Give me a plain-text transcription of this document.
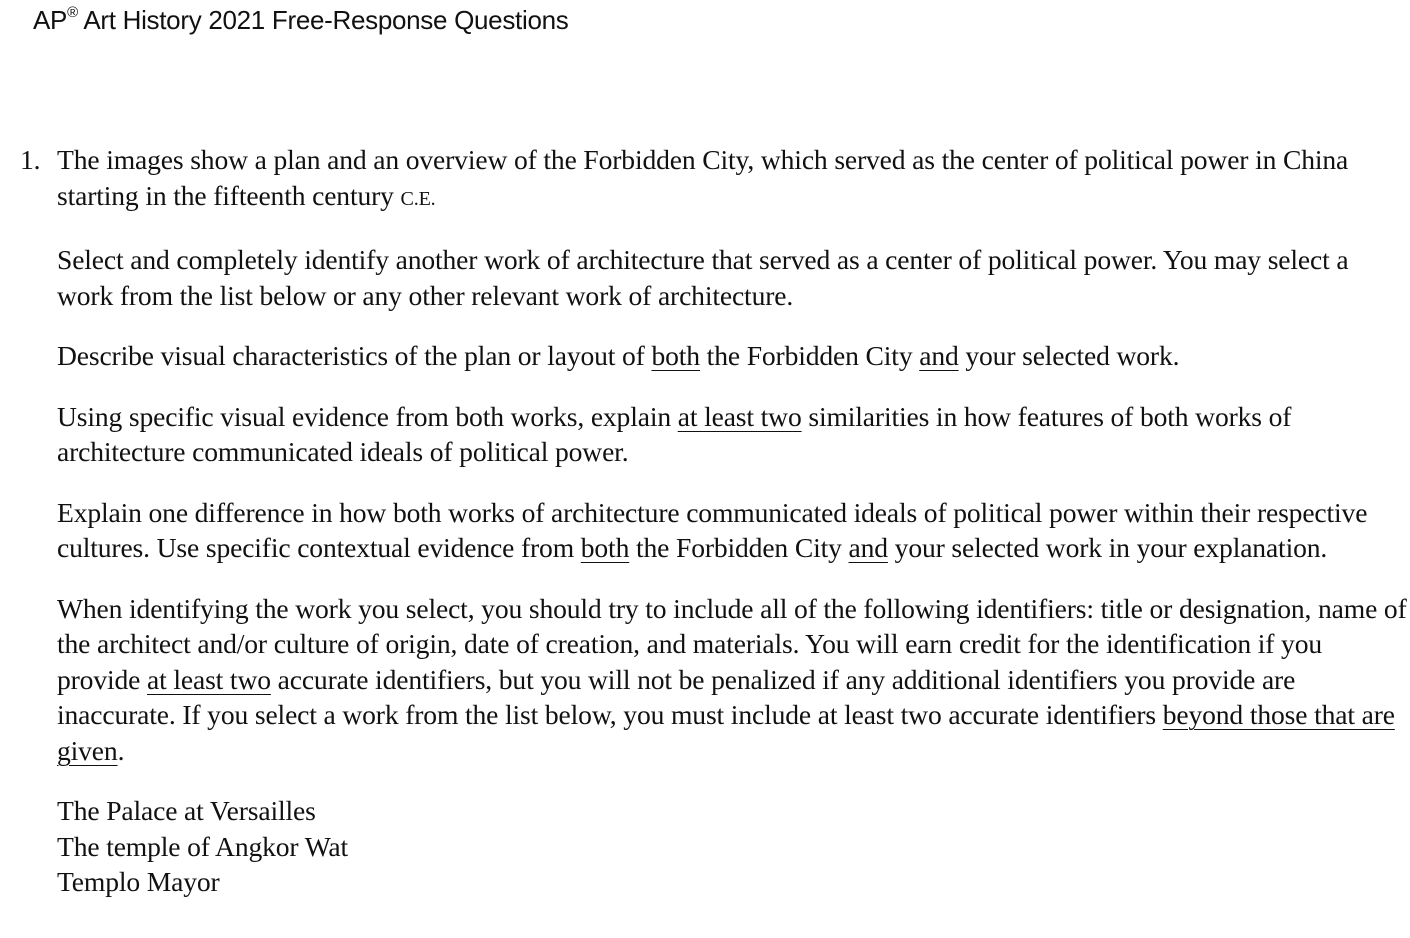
AP® Art History 2021 Free-Response Questions
1. The images show a plan and an overview of the Forbidden City, which served as the center of political power in China starting in the fifteenth century C.E.

Select and completely identify another work of architecture that served as a center of political power. You may select a work from the list below or any other relevant work of architecture.

Describe visual characteristics of the plan or layout of both the Forbidden City and your selected work.

Using specific visual evidence from both works, explain at least two similarities in how features of both works of architecture communicated ideals of political power.

Explain one difference in how both works of architecture communicated ideals of political power within their respective cultures. Use specific contextual evidence from both the Forbidden City and your selected work in your explanation.

When identifying the work you select, you should try to include all of the following identifiers: title or designation, name of the architect and/or culture of origin, date of creation, and materials. You will earn credit for the identification if you provide at least two accurate identifiers, but you will not be penalized if any additional identifiers you provide are inaccurate. If you select a work from the list below, you must include at least two accurate identifiers beyond those that are given.

The Palace at Versailles
The temple of Angkor Wat
Templo Mayor
